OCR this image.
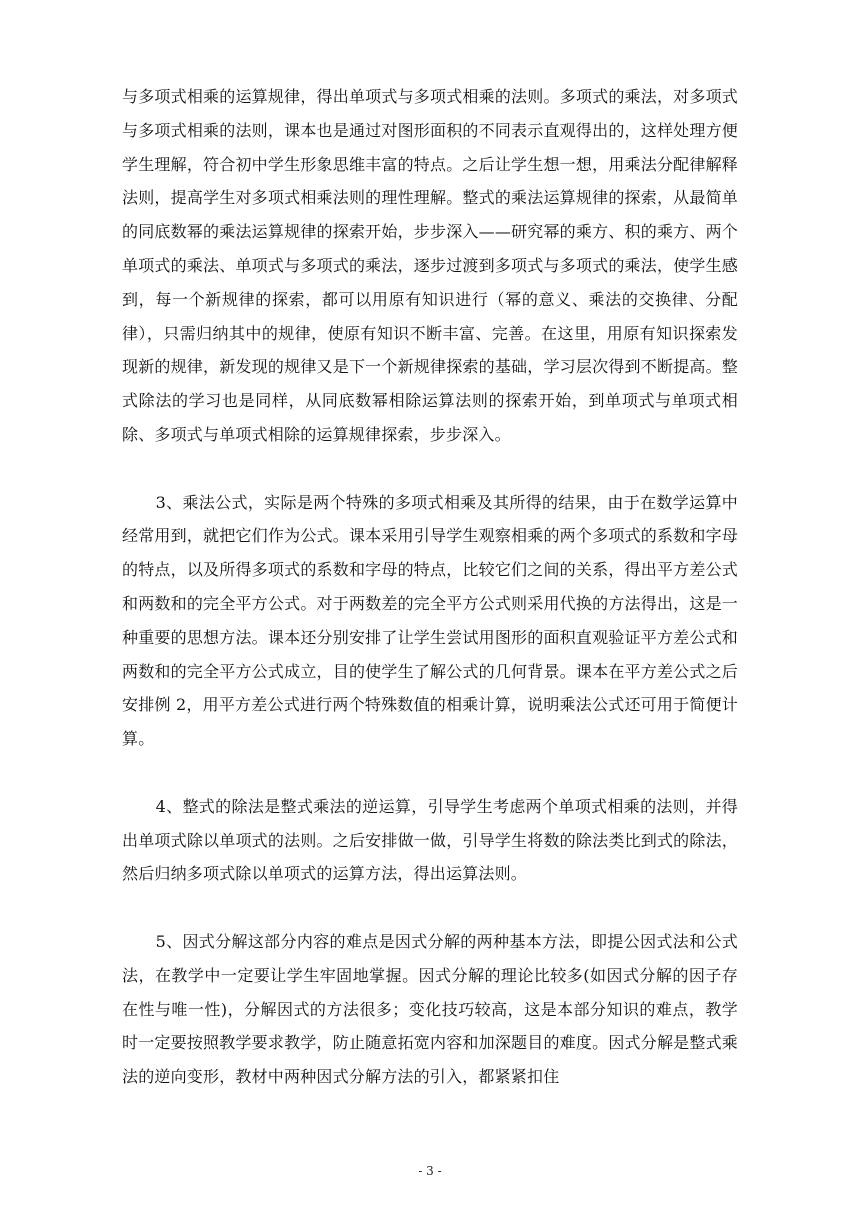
与多项式相乘的运算规律，得出单项式与多项式相乘的法则。多项式的乘法，对多项式与多项式相乘的法则，课本也是通过对图形面积的不同表示直观得出的，这样处理方便学生理解，符合初中学生形象思维丰富的特点。之后让学生想一想，用乘法分配律解释法则，提高学生对多项式相乘法则的理性理解。整式的乘法运算规律的探索，从最简单的同底数幂的乘法运算规律的探索开始，步步深入——研究幂的乘方、积的乘方、两个单项式的乘法、单项式与多项式的乘法，逐步过渡到多项式与多项式的乘法，使学生感到，每一个新规律的探索，都可以用原有知识进行（幂的意义、乘法的交换律、分配律），只需归纳其中的规律，使原有知识不断丰富、完善。在这里，用原有知识探索发现新的规律，新发现的规律又是下一个新规律探索的基础，学习层次得到不断提高。整式除法的学习也是同样，从同底数幂相除运算法则的探索开始，到单项式与单项式相除、多项式与单项式相除的运算规律探索，步步深入。

3、乘法公式，实际是两个特殊的多项式相乘及其所得的结果，由于在数学运算中经常用到，就把它们作为公式。课本采用引导学生观察相乘的两个多项式的系数和字母的特点，以及所得多项式的系数和字母的特点，比较它们之间的关系，得出平方差公式和两数和的完全平方公式。对于两数差的完全平方公式则采用代换的方法得出，这是一种重要的思想方法。课本还分别安排了让学生尝试用图形的面积直观验证平方差公式和两数和的完全平方公式成立，目的使学生了解公式的几何背景。课本在平方差公式之后安排例 2，用平方差公式进行两个特殊数值的相乘计算，说明乘法公式还可用于简便计算。

4、整式的除法是整式乘法的逆运算，引导学生考虑两个单项式相乘的法则，并得出单项式除以单项式的法则。之后安排做一做，引导学生将数的除法类比到式的除法，然后归纳多项式除以单项式的运算方法，得出运算法则。

5、因式分解这部分内容的难点是因式分解的两种基本方法，即提公因式法和公式法，在教学中一定要让学生牢固地掌握。因式分解的理论比较多(如因式分解的因子存在性与唯一性)，分解因式的方法很多；变化技巧较高，这是本部分知识的难点，教学时一定要按照教学要求教学，防止随意拓宽内容和加深题目的难度。因式分解是整式乘法的逆向变形，教材中两种因式分解方法的引入，都紧紧扣住

- 3 -
